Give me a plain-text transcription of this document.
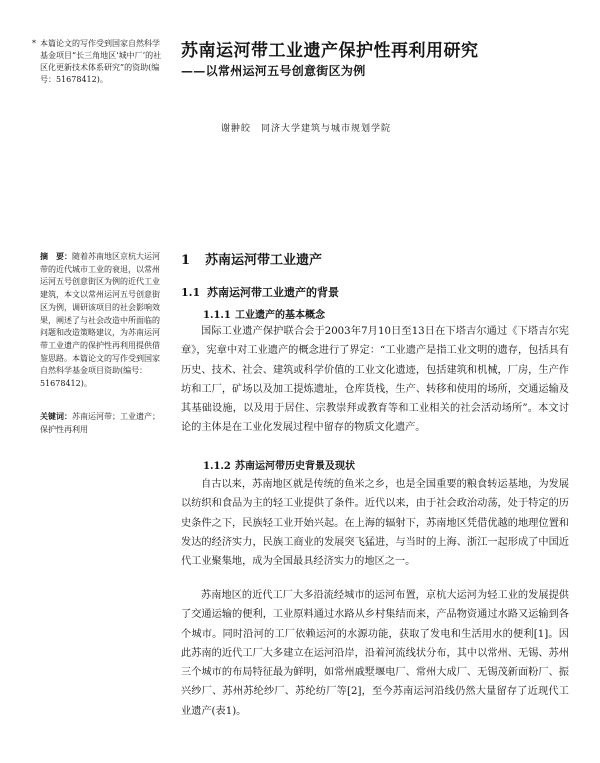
* 本篇论文的写作受到国家自然科学基金项目“长三角地区‘城中厂’的社区化更新技术体系研究”的资助(编号：51678412)。
苏南运河带工业遗产保护性再利用研究
——以常州运河五号创意街区为例
谢翀皎　同济大学建筑与城市规划学院
摘　要：随着苏南地区京杭大运河带的近代城市工业的衰退，以常州运河五号创意街区为例的近代工业建筑，本文以常州运河五号创意街区为例，调研该项目的社会影响效果，阐述了与社会改造中所面临的问题和改造策略建议，为苏南运河带工业遗产的保护性再利用提供借鉴思路。本篇论文的写作受到国家自然科学基金项目资助(编号：51678412)。
关键词：苏南运河带；工业遗产；保护性再利用
1 苏南运河带工业遗产
1.1 苏南运河带工业遗产的背景
1.1.1 工业遗产的基本概念
国际工业遗产保护联合会于2003年7月10日至13日在下塔吉尔通过《下塔吉尔宪章》，宪章中对工业遗产的概念进行了界定：“工业遗产是指工业文明的遗存，包括具有历史、技术、社会、建筑或科学价值的工业文化遗迹，包括建筑和机械，厂房，生产作坊和工厂，矿场以及加工提炼遗址，仓库货栈，生产、转移和使用的场所，交通运输及其基础设施，以及用于居住、宗教崇拜或教育等和工业相关的社会活动场所”。本文讨论的主体是在工业化发展过程中留存的物质文化遗产。
1.1.2 苏南运河带历史背景及现状
自古以来，苏南地区就是传统的鱼米之乡，也是全国重要的粮食转运基地，为发展以纺织和食品为主的轻工业提供了条件。近代以来，由于社会政治动荡，处于特定的历史条件之下，民族轻工业开始兴起。在上海的辐射下，苏南地区凭借优越的地理位置和发达的经济实力，民族工商业的发展突飞猛进，与当时的上海、浙江一起形成了中国近代工业聚集地，成为全国最具经济实力的地区之一。
苏南地区的近代工厂大多沿流经城市的运河布置，京杭大运河为轻工业的发展提供了交通运输的便利，工业原料通过水路从乡村集结而来，产品物资通过水路又运输到各个城市。同时沿河的工厂依赖运河的水源功能，获取了发电和生活用水的便利[1]。因此苏南的近代工厂大多建立在运河沿岸，沿着河流线状分布，其中以常州、无锡、苏州三个城市的布局特征最为鲜明，如常州戚墅堰电厂、常州大成厂、无锡茂新面粉厂、振兴纱厂、苏州苏纶纱厂、苏纶纺厂等[2]，至今苏南运河沿线仍然大量留存了近现代工业遗产(表1)。
